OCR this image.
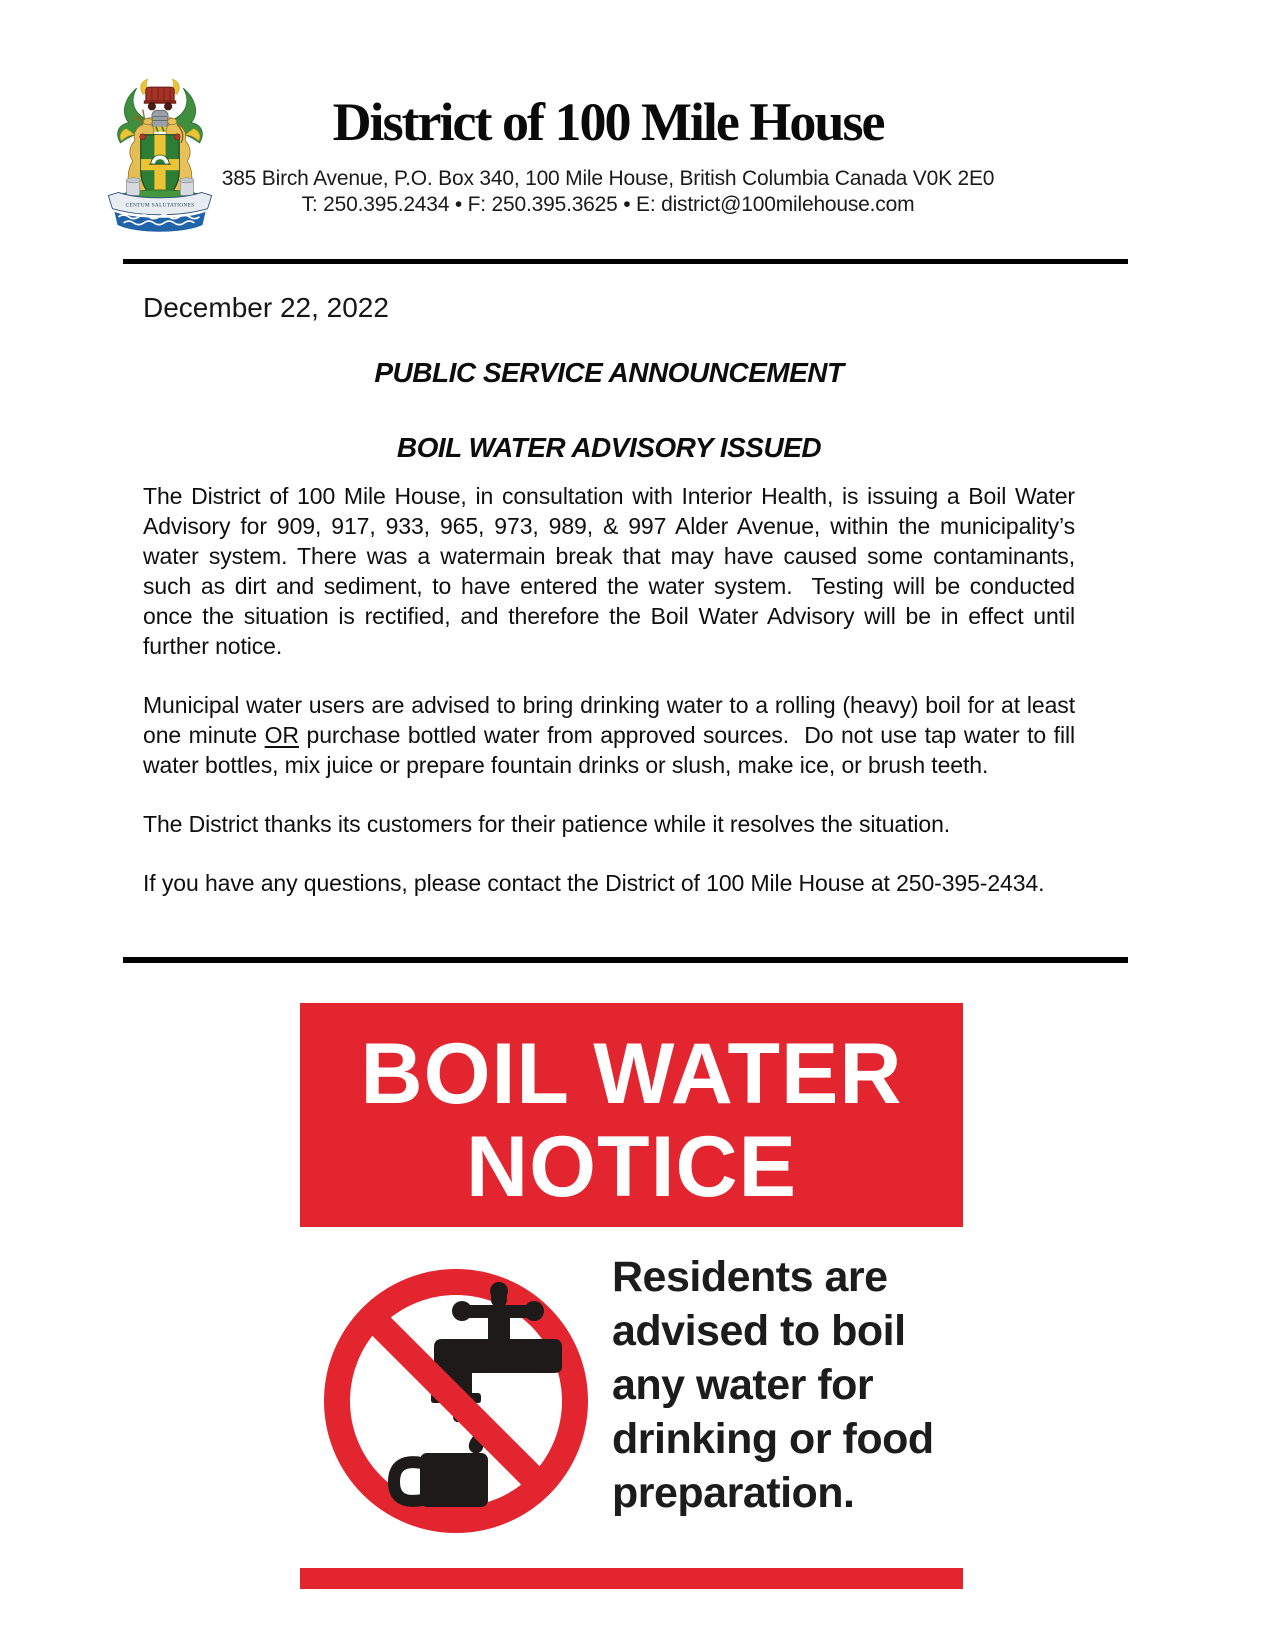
CENTUM SALUTATIONES
District of 100 Mile House
385 Birch Avenue, P.O. Box 340, 100 Mile House, British Columbia Canada V0K 2E0
T: 250.395.2434 • F: 250.395.3625 • E: district@100milehouse.com
December 22, 2022
PUBLIC SERVICE ANNOUNCEMENT
BOIL WATER ADVISORY ISSUED

The District of 100 Mile House, in consultation with Interior Health, is issuing a Boil Water Advisory for 909, 917, 933, 965, 973, 989, & 997 Alder Avenue, within the municipality’s water system. There was a watermain break that may have caused some contaminants, such as dirt and sediment, to have entered the water system.  Testing will be conducted once the situation is rectified, and therefore the Boil Water Advisory will be in effect until further notice.

Municipal water users are advised to bring drinking water to a rolling (heavy) boil for at least one minute OR purchase bottled water from approved sources.  Do not use tap water to fill water bottles, mix juice or prepare fountain drinks or slush, make ice, or brush teeth.

The District thanks its customers for their patience while it resolves the situation.

If you have any questions, please contact the District of 100 Mile House at 250-395-2434.

BOIL WATER
NOTICE
Residents are
advised to boil
any water for
drinking or food
preparation.
